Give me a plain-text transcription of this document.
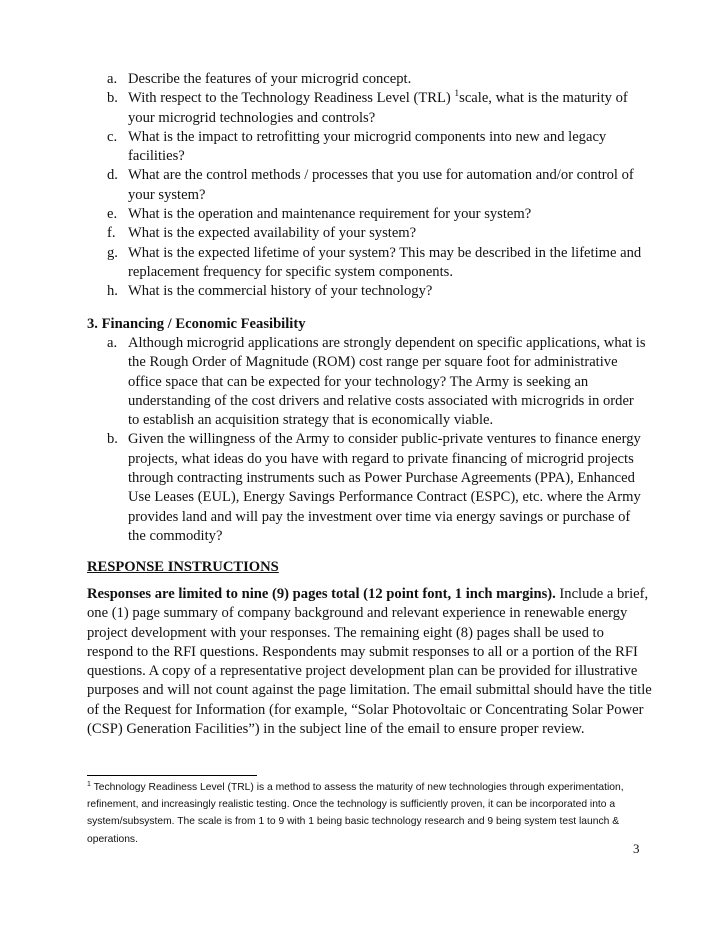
a. Describe the features of your microgrid concept.
b. With respect to the Technology Readiness Level (TRL) $^1$scale, what is the maturity of your microgrid technologies and controls?
c. What is the impact to retrofitting your microgrid components into new and legacy facilities?
d. What are the control methods / processes that you use for automation and/or control of your system?
e. What is the operation and maintenance requirement for your system?
f. What is the expected availability of your system?
g. What is the expected lifetime of your system? This may be described in the lifetime and replacement frequency for specific system components.
h. What is the commercial history of your technology?
3. Financing / Economic Feasibility
a. Although microgrid applications are strongly dependent on specific applications, what is the Rough Order of Magnitude (ROM) cost range per square foot for administrative office space that can be expected for your technology? The Army is seeking an understanding of the cost drivers and relative costs associated with microgrids in order to establish an acquisition strategy that is economically viable.
b. Given the willingness of the Army to consider public-private ventures to finance energy projects, what ideas do you have with regard to private financing of microgrid projects through contracting instruments such as Power Purchase Agreements (PPA), Enhanced Use Leases (EUL), Energy Savings Performance Contract (ESPC), etc. where the Army provides land and will pay the investment over time via energy savings or purchase of the commodity?
RESPONSE INSTRUCTIONS
Responses are limited to nine (9) pages total (12 point font, 1 inch margins). Include a brief, one (1) page summary of company background and relevant experience in renewable energy project development with your responses. The remaining eight (8) pages shall be used to respond to the RFI questions. Respondents may submit responses to all or a portion of the RFI questions. A copy of a representative project development plan can be provided for illustrative purposes and will not count against the page limitation. The email submittal should have the title of the Request for Information (for example, “Solar Photovoltaic or Concentrating Solar Power (CSP) Generation Facilities”) in the subject line of the email to ensure proper review.
$^1$ Technology Readiness Level (TRL) is a method to assess the maturity of new technologies through experimentation, refinement, and increasingly realistic testing. Once the technology is sufficiently proven, it can be incorporated into a system/subsystem. The scale is from 1 to 9 with 1 being basic technology research and 9 being system test launch & operations.
3
